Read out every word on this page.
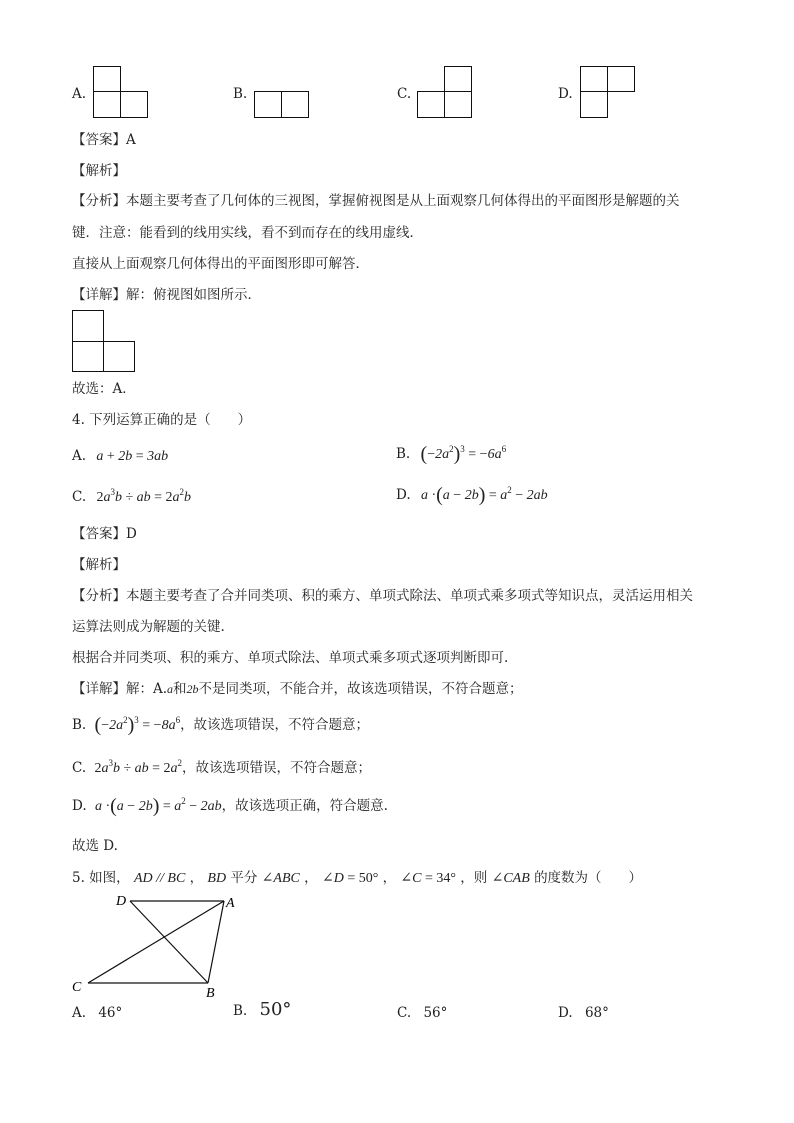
A.	B.	C.	D.
【答案】A
【解析】
【分析】本题主要考查了几何体的三视图，掌握俯视图是从上面观察几何体得出的平面图形是解题的关
键．注意：能看到的线用实线，看不到而存在的线用虚线．
直接从上面观察几何体得出的平面图形即可解答．
【详解】解：俯视图如图所示．
故选：A．
4. 下列运算正确的是（　　）
A. a + 2b = 3ab	B. $(-2a^2)^3 = -6a^6$
C. $2a^3b$ ÷ ab = $2a^2b$	D. $a \cdot(a - 2b) = a^2 - 2ab$
【答案】D
【解析】
【分析】本题主要考查了合并同类项、积的乘方、单项式除法、单项式乘多项式等知识点，灵活运用相关
运算法则成为解题的关键.
根据合并同类项、积的乘方、单项式除法、单项式乘多项式逐项判断即可.
【详解】解：A.a和2b不是同类项，不能合并，故该选项错误，不符合题意；
B. $(-2a^2)^3 = -8a^6$，故该选项错误，不符合题意；
C. $2a^3b$ ÷ ab = $2a^2$，故该选项错误，不符合题意；
D. $a \cdot(a - 2b) = a^2 - 2ab$，故该选项正确，符合题意.
故选 D.
5. 如图， AD // BC ， BD 平分 ∠ABC ， ∠D = 50° ， ∠C = 34° ，则 ∠CAB 的度数为（　　）
D	A
C	B
A. 46°	B. 50°	C. 56°	D. 68°
